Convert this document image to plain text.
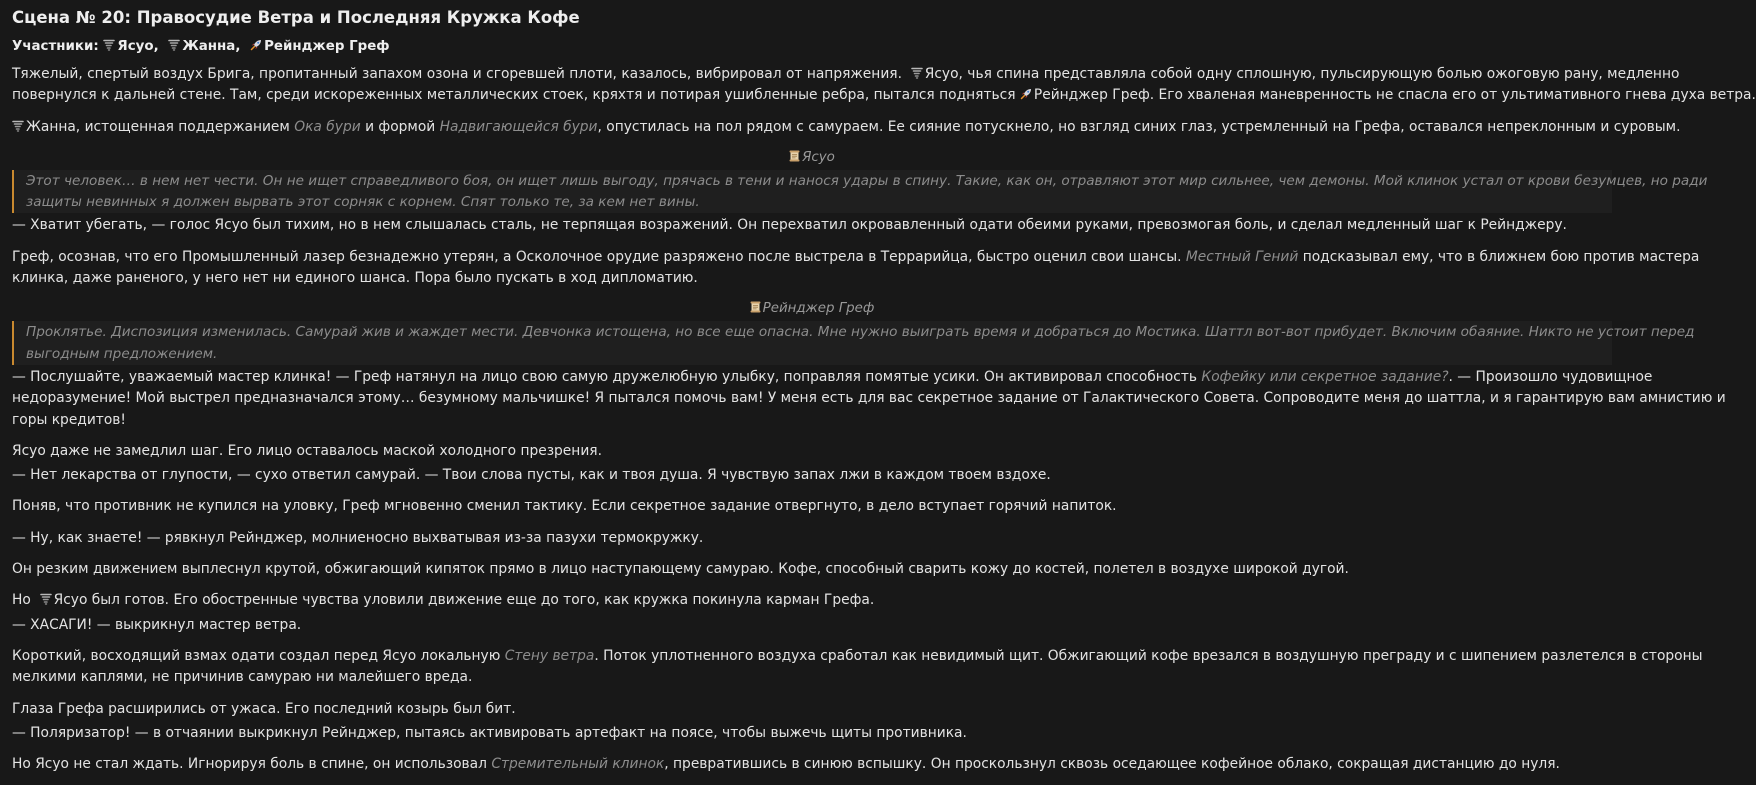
Сцена № 20: Правосудие Ветра и Последняя Кружка Кофе
Участники: Ясуо, Жанна, Рейнджер Греф

Тяжелый, спертый воздух Брига, пропитанный запахом озона и сгоревшей плоти, казалось, вибрировал от напряжения. Ясуо, чья спина представляла собой одну сплошную, пульсирующую болью ожоговую рану, медленно
повернулся к дальней стене. Там, среди искореженных металлических стоек, кряхтя и потирая ушибленные ребра, пытался подняться Рейнджер Греф. Его хваленая маневренность не спасла его от ультимативного гнева духа ветра.

Жанна, истощенная поддержанием Ока бури и формой Надвигающейся бури, опустилась на пол рядом с самураем. Ее сияние потускнело, но взгляд синих глаз, устремленный на Грефа, оставался непреклонным и суровым.

Ясуо
Этот человек… в нем нет чести. Он не ищет справедливого боя, он ищет лишь выгоду, прячась в тени и нанося удары в спину. Такие, как он, отравляют этот мир сильнее, чем демоны. Мой клинок устал от крови безумцев, но ради
защиты невинных я должен вырвать этот сорняк с корнем. Спят только те, за кем нет вины.

— Хватит убегать, — голос Ясуо был тихим, но в нем слышалась сталь, не терпящая возражений. Он перехватил окровавленный одати обеими руками, превозмогая боль, и сделал медленный шаг к Рейнджеру.

Греф, осознав, что его Промышленный лазер безнадежно утерян, а Осколочное орудие разряжено после выстрела в Террарийца, быстро оценил свои шансы. Местный Гений подсказывал ему, что в ближнем бою против мастера
клинка, даже раненого, у него нет ни единого шанса. Пора было пускать в ход дипломатию.

Рейнджер Греф
Проклятье. Диспозиция изменилась. Самурай жив и жаждет мести. Девчонка истощена, но все еще опасна. Мне нужно выиграть время и добраться до Мостика. Шаттл вот-вот прибудет. Включим обаяние. Никто не устоит перед
выгодным предложением.

— Послушайте, уважаемый мастер клинка! — Греф натянул на лицо свою самую дружелюбную улыбку, поправляя помятые усики. Он активировал способность Кофейку или секретное задание?. — Произошло чудовищное
недоразумение! Мой выстрел предназначался этому… безумному мальчишке! Я пытался помочь вам! У меня есть для вас секретное задание от Галактического Совета. Сопроводите меня до шаттла, и я гарантирую вам амнистию и
горы кредитов!

Ясуо даже не замедлил шаг. Его лицо оставалось маской холодного презрения.

— Нет лекарства от глупости, — сухо ответил самурай. — Твои слова пусты, как и твоя душа. Я чувствую запах лжи в каждом твоем вздохе.

Поняв, что противник не купился на уловку, Греф мгновенно сменил тактику. Если секретное задание отвергнуто, в дело вступает горячий напиток.

— Ну, как знаете! — рявкнул Рейнджер, молниеносно выхватывая из-за пазухи термокружку.

Он резким движением выплеснул крутой, обжигающий кипяток прямо в лицо наступающему самураю. Кофе, способный сварить кожу до костей, полетел в воздухе широкой дугой.

Но Ясуо был готов. Его обостренные чувства уловили движение еще до того, как кружка покинула карман Грефа.

— ХАСАГИ! — выкрикнул мастер ветра.

Короткий, восходящий взмах одати создал перед Ясуо локальную Стену ветра. Поток уплотненного воздуха сработал как невидимый щит. Обжигающий кофе врезался в воздушную преграду и с шипением разлетелся в стороны
мелкими каплями, не причинив самураю ни малейшего вреда.

Глаза Грефа расширились от ужаса. Его последний козырь был бит.

— Поляризатор! — в отчаянии выкрикнул Рейнджер, пытаясь активировать артефакт на поясе, чтобы выжечь щиты противника.

Но Ясуо не стал ждать. Игнорируя боль в спине, он использовал Стремительный клинок, превратившись в синюю вспышку. Он проскользнул сквозь оседающее кофейное облако, сокращая дистанцию до нуля.
